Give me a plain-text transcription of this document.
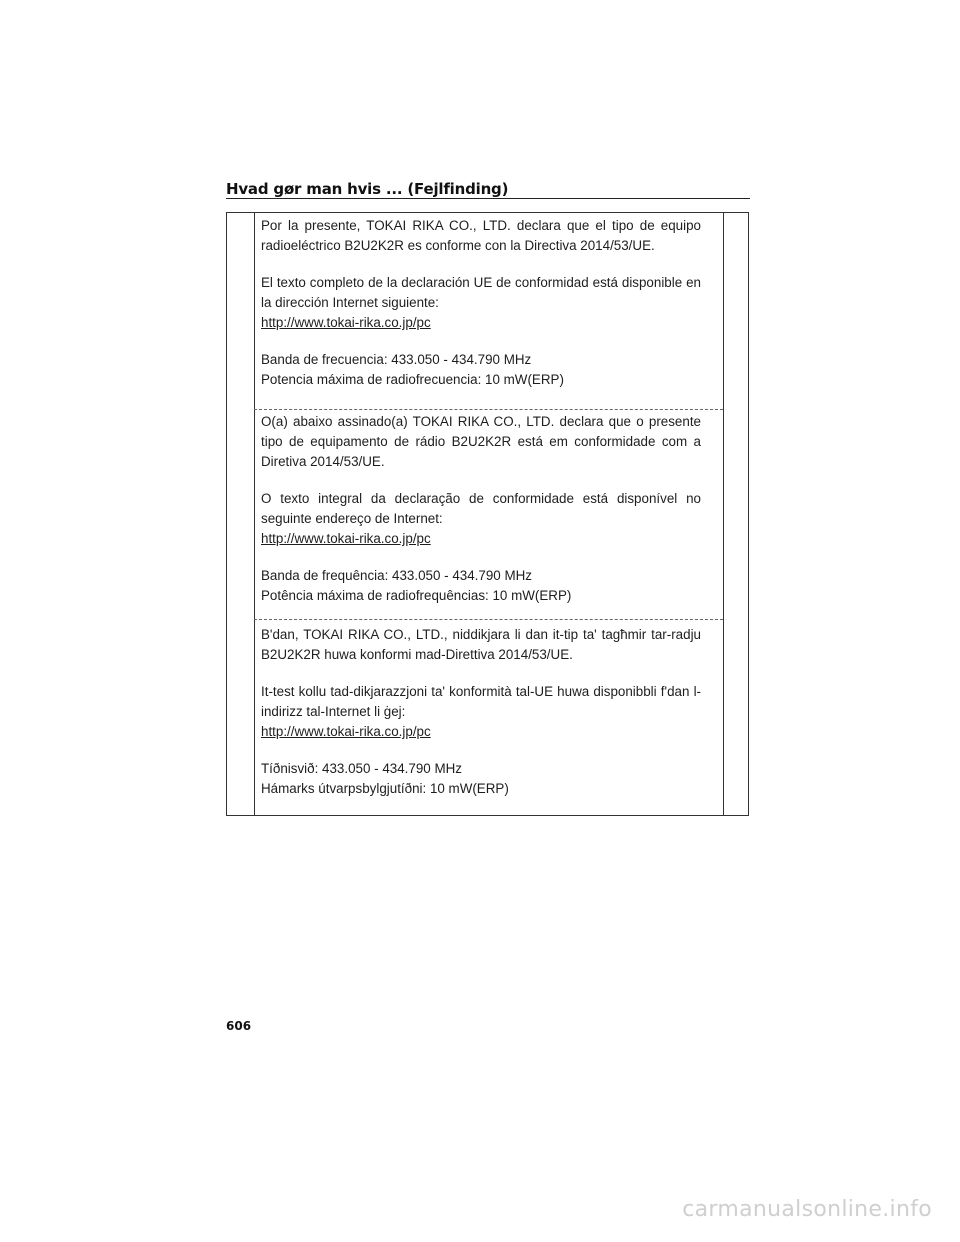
Hvad gør man hvis ... (Fejlfinding)

Por la presente, TOKAI RIKA CO., LTD. declara que el tipo de equipo radioeléctrico B2U2K2R es conforme con la Directiva 2014/53/UE.

El texto completo de la declaración UE de conformidad está disponible en la dirección Internet siguiente:
http://www.tokai-rika.co.jp/pc

Banda de frecuencia: 433.050 - 434.790 MHz
Potencia máxima de radiofrecuencia: 10 mW(ERP)

O(a) abaixo assinado(a) TOKAI RIKA CO., LTD. declara que o presente tipo de equipamento de rádio B2U2K2R está em conformidade com a Diretiva 2014/53/UE.

O texto integral da declaração de conformidade está disponível no seguinte endereço de Internet:
http://www.tokai-rika.co.jp/pc

Banda de frequência: 433.050 - 434.790 MHz
Potência máxima de radiofrequências: 10 mW(ERP)

B'dan, TOKAI RIKA CO., LTD., niddikjara li dan it-tip ta' tagħmir tar-radju B2U2K2R huwa konformi mad-Direttiva 2014/53/UE.

It-test kollu tad-dikjarazzjoni ta' konformità tal-UE huwa disponibbli f'dan l-indirizz tal-Internet li ġej:
http://www.tokai-rika.co.jp/pc

Tíðnisvið: 433.050 - 434.790 MHz
Hámarks útvarpsbylgjutíðni: 10 mW(ERP)

606
carmanualsonline.info
